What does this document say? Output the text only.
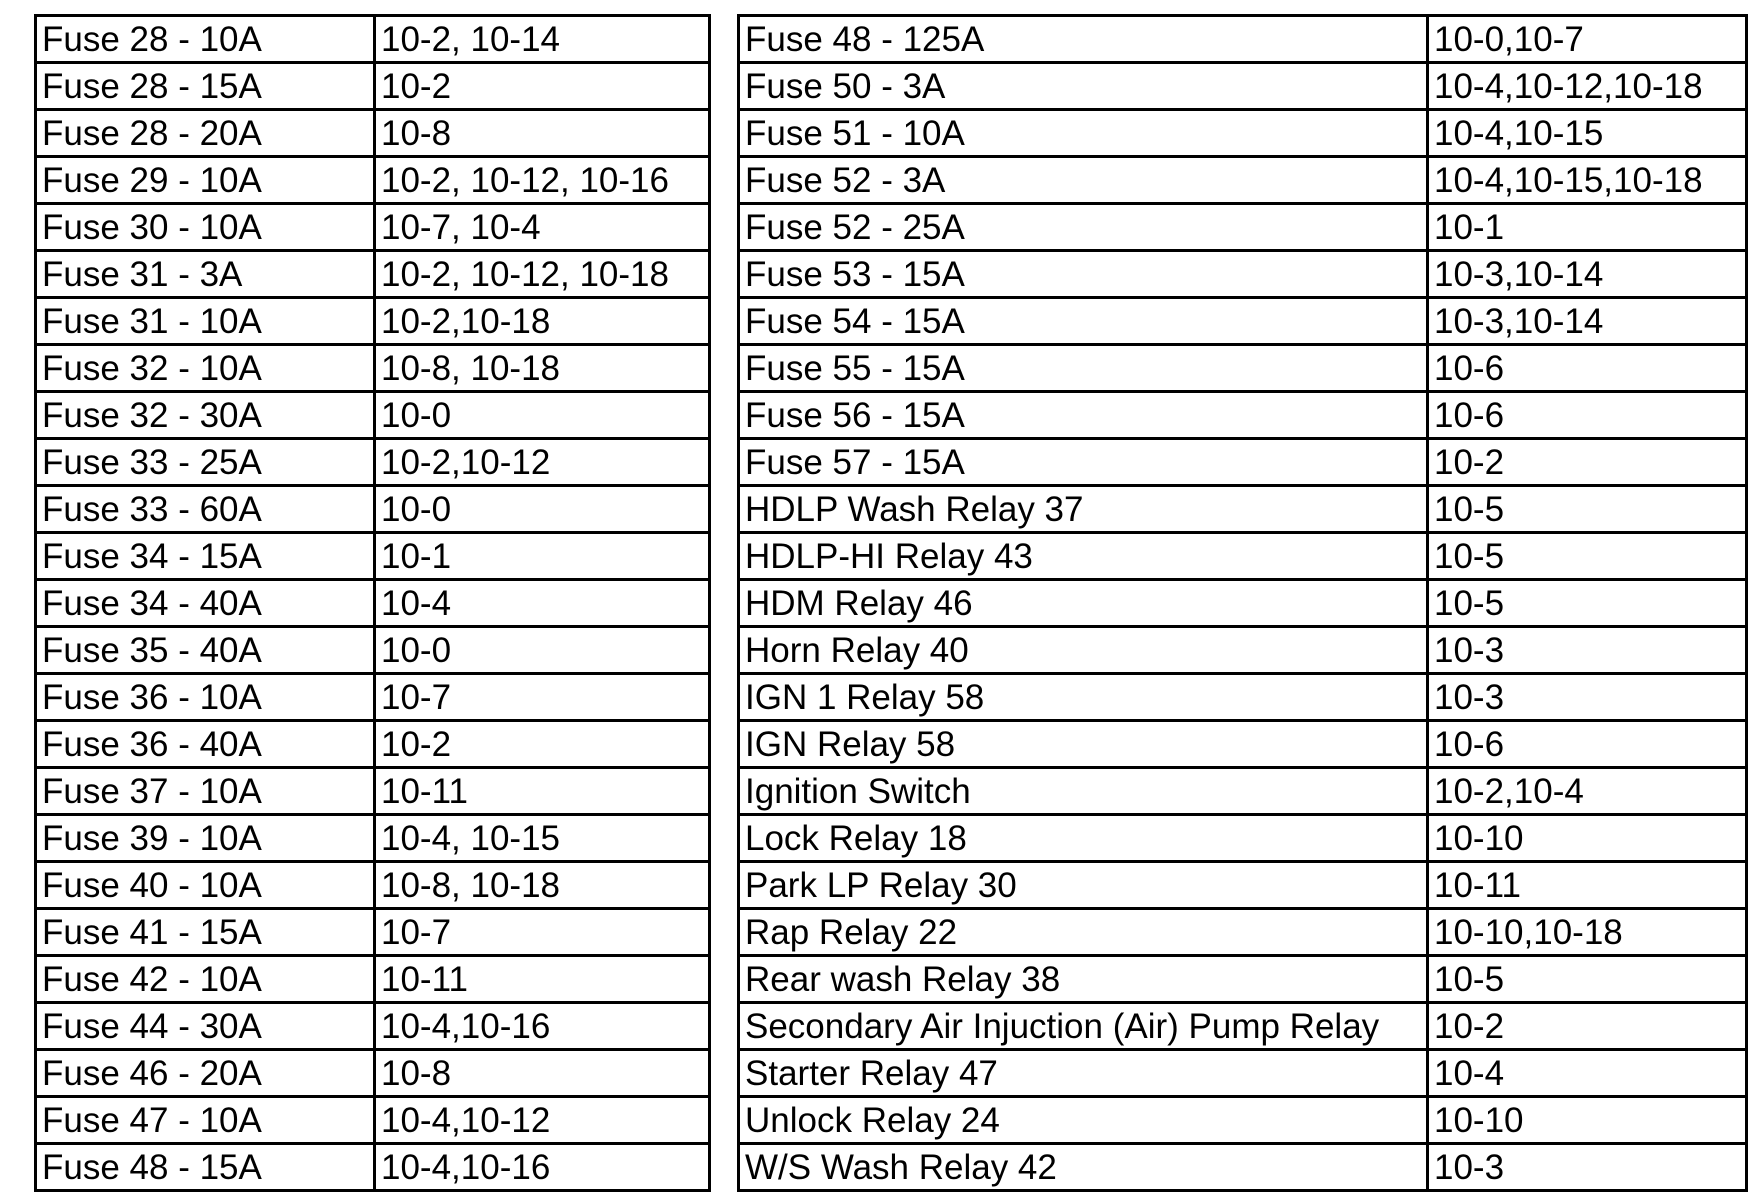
Fuse 28 - 10A	10-2, 10-14
Fuse 28 - 15A	10-2
Fuse 28 - 20A	10-8
Fuse 29 - 10A	10-2, 10-12, 10-16
Fuse 30 - 10A	10-7, 10-4
Fuse 31 - 3A	10-2, 10-12, 10-18
Fuse 31 - 10A	10-2,10-18
Fuse 32 - 10A	10-8, 10-18
Fuse 32 - 30A	10-0
Fuse 33 - 25A	10-2,10-12
Fuse 33 - 60A	10-0
Fuse 34 - 15A	10-1
Fuse 34 - 40A	10-4
Fuse 35 - 40A	10-0
Fuse 36 - 10A	10-7
Fuse 36 - 40A	10-2
Fuse 37 - 10A	10-11
Fuse 39 - 10A	10-4, 10-15
Fuse 40 - 10A	10-8, 10-18
Fuse 41 - 15A	10-7
Fuse 42 - 10A	10-11
Fuse 44 - 30A	10-4,10-16
Fuse 46 - 20A	10-8
Fuse 47 - 10A	10-4,10-12
Fuse 48 - 15A	10-4,10-16
Fuse 48 - 125A	10-0,10-7
Fuse 50 - 3A	10-4,10-12,10-18
Fuse 51 - 10A	10-4,10-15
Fuse 52 - 3A	10-4,10-15,10-18
Fuse 52 - 25A	10-1
Fuse 53 - 15A	10-3,10-14
Fuse 54 - 15A	10-3,10-14
Fuse 55 - 15A	10-6
Fuse 56 - 15A	10-6
Fuse 57 - 15A	10-2
HDLP Wash Relay 37	10-5
HDLP-HI Relay 43	10-5
HDM Relay 46	10-5
Horn Relay 40	10-3
IGN 1 Relay 58	10-3
IGN Relay 58	10-6
Ignition Switch	10-2,10-4
Lock Relay 18	10-10
Park LP Relay 30	10-11
Rap Relay 22	10-10,10-18
Rear wash Relay 38	10-5
Secondary Air Injuction (Air) Pump Relay	10-2
Starter Relay 47	10-4
Unlock Relay 24	10-10
W/S Wash Relay 42	10-3
